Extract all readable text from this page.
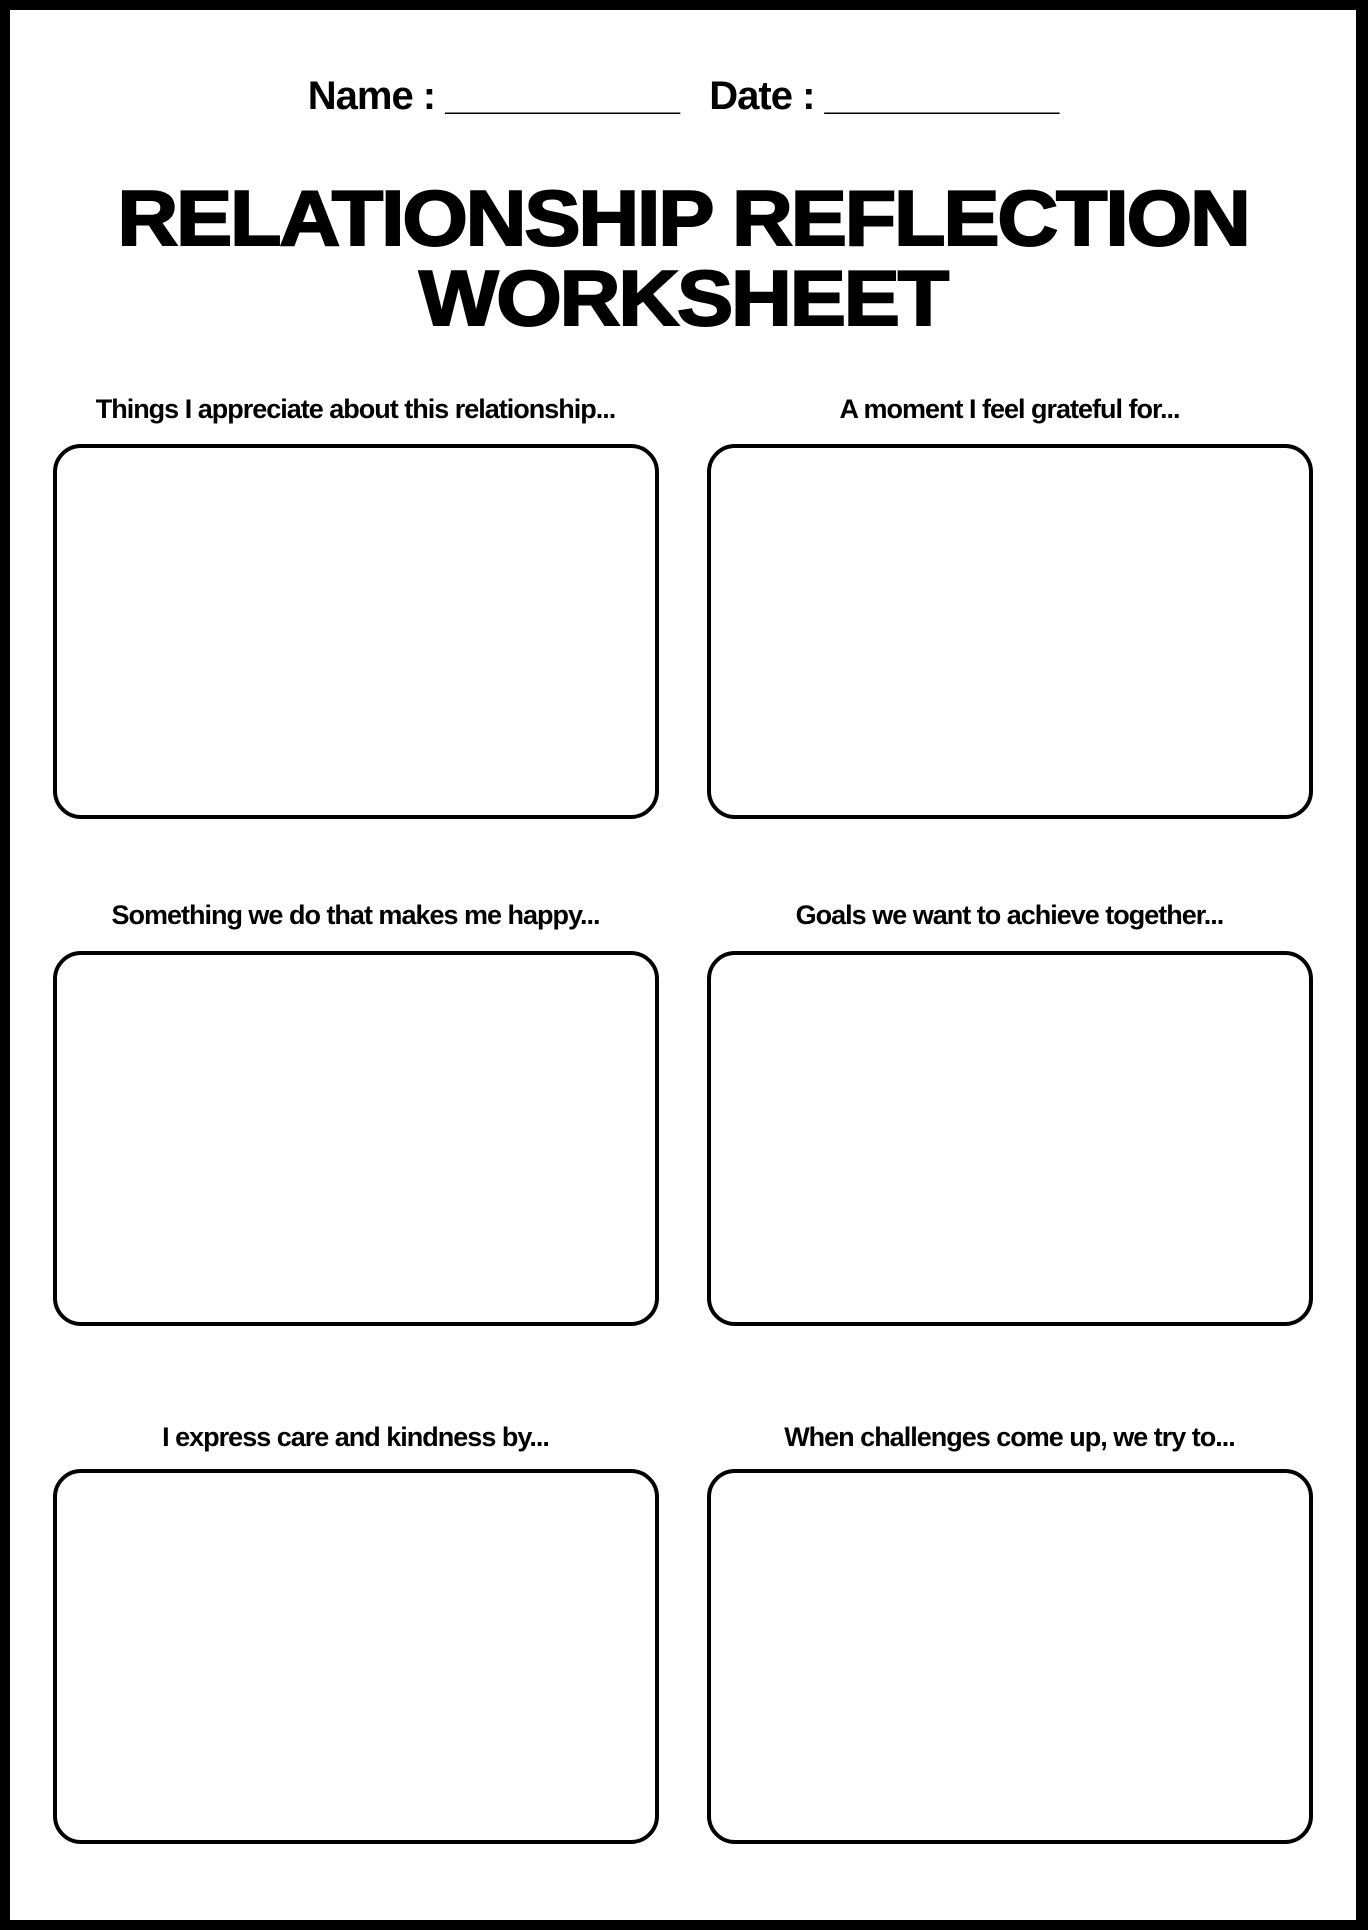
Name : ___________ Date : ___________
RELATIONSHIP REFLECTION
WORKSHEET
Things I appreciate about this relationship...	A moment I feel grateful for...
Something we do that makes me happy...	Goals we want to achieve together...
I express care and kindness by...	When challenges come up, we try to...
